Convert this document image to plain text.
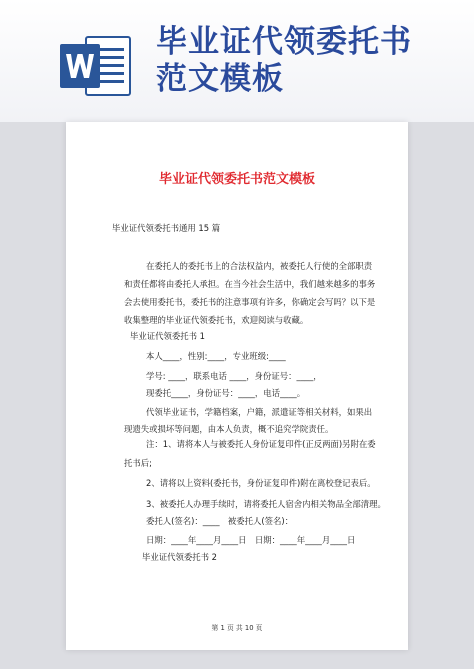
毕业证代领委托书
范文模板
毕业证代领委托书范文模板
毕业证代领委托书通用 15 篇
在委托人的委托书上的合法权益内，被委托人行使的全部职责
和责任都将由委托人承担。在当今社会生活中，我们越来越多的事务
会去使用委托书，委托书的注意事项有许多，你确定会写吗？以下是
收集整理的毕业证代领委托书，欢迎阅读与收藏。
毕业证代领委托书 1
本人____，性别:____，专业班级:____
学号: ____，联系电话 ____，身份证号：____，
现委托____，身份证号：____，电话____。
代领毕业证书，学籍档案，户籍，派遣证等相关材料，如果出
现遗失或损坏等问题，由本人负责，概不追究学院责任。
注：1、请将本人与被委托人身份证复印件(正反两面)另附在委
托书后;
2、请将以上资料(委托书，身份证复印件)附在离校登记表后。
3、被委托人办理手续时，请将委托人宿舍内相关物品全部清理。
委托人(签名)：____　被委托人(签名)：
日期：____年____月____日　日期：____年____月____日
毕业证代领委托书 2
第 1 页 共 10 页
